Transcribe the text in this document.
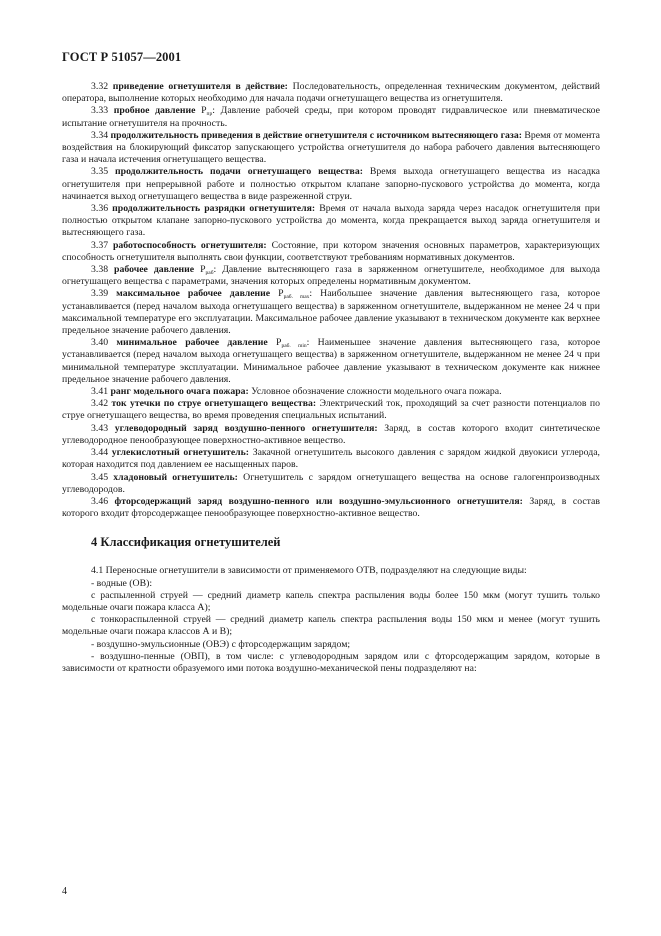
ГОСТ Р 51057—2001

3.32 приведение огнетушителя в действие: Последовательность, определенная техническим документом, действий оператора, выполнение которых необходимо для начала подачи огнетушащего вещества из огнетушителя.

3.33 пробное давление $Р_{пр}$: Давление рабочей среды, при котором проводят гидравлическое или пневматическое испытание огнетушителя на прочность.

3.34 продолжительность приведения в действие огнетушителя с источником вытесняющего газа: Время от момента воздействия на блокирующий фиксатор запускающего устройства огнетушителя до набора рабочего давления вытесняющего газа и начала истечения огнетушащего вещества.

3.35 продолжительность подачи огнетушащего вещества: Время выхода огнетушащего вещества из насадка огнетушителя при непрерывной работе и полностью открытом клапане запорно-пускового устройства до момента, когда начинается выход огнетушащего вещества в виде разреженной струи.

3.36 продолжительность разрядки огнетушителя: Время от начала выхода заряда через насадок огнетушителя при полностью открытом клапане запорно-пускового устройства до момента, когда прекращается выход заряда огнетушителя и вытесняющего газа.

3.37 работоспособность огнетушителя: Состояние, при котором значения основных параметров, характеризующих способность огнетушителя выполнять свои функции, соответствуют требованиям нормативных документов.

3.38 рабочее давление $Р_{раб}$: Давление вытесняющего газа в заряженном огнетушителе, необходимое для выхода огнетушащего вещества с параметрами, значения которых определены нормативным документом.

3.39 максимальное рабочее давление $Р_{раб. max}$: Наибольшее значение давления вытесняющего газа, которое устанавливается (перед началом выхода огнетушащего вещества) в заряженном огнетушителе, выдержанном не менее 24 ч при максимальной температуре его эксплуатации. Максимальное рабочее давление указывают в техническом документе как верхнее предельное значение рабочего давления.

3.40 минимальное рабочее давление $Р_{раб. min}$: Наименьшее значение давления вытесняющего газа, которое устанавливается (перед началом выхода огнетушащего вещества) в заряженном огнетушителе, выдержанном не менее 24 ч при минимальной температуре эксплуатации. Минимальное рабочее давление указывают в техническом документе как нижнее предельное значение рабочего давления.

3.41 ранг модельного очага пожара: Условное обозначение сложности модельного очага пожара.

3.42 ток утечки по струе огнетушащего вещества: Электрический ток, проходящий за счет разности потенциалов по струе огнетушащего вещества, во время проведения специальных испытаний.

3.43 углеводородный заряд воздушно-пенного огнетушителя: Заряд, в состав которого входит синтетическое углеводородное пенообразующее поверхностно-активное вещество.

3.44 углекислотный огнетушитель: Закачной огнетушитель высокого давления с зарядом жидкой двуокиси углерода, которая находится под давлением ее насыщенных паров.

3.45 хладоновый огнетушитель: Огнетушитель с зарядом огнетушащего вещества на основе галогенпроизводных углеводородов.

3.46 фторсодержащий заряд воздушно-пенного или воздушно-эмульсионного огнетушителя: Заряд, в состав которого входит фторсодержащее пенообразующее поверхностно-активное вещество.

4 Классификация огнетушителей

4.1 Переносные огнетушители в зависимости от применяемого ОТВ, подразделяют на следующие виды:

- водные (ОВ):

с распыленной струей — средний диаметр капель спектра распыления воды более 150 мкм (могут тушить только модельные очаги пожара класса А);

с тонкораспыленной струей — средний диаметр капель спектра распыления воды 150 мкм и менее (могут тушить модельные очаги пожара классов А и В);

- воздушно-эмульсионные (ОВЭ) с фторсодержащим зарядом;

- воздушно-пенные (ОВП), в том числе: с углеводородным зарядом или с фторсодержащим зарядом, которые в зависимости от кратности образуемого ими потока воздушно-механической пены подразделяют на:

4
